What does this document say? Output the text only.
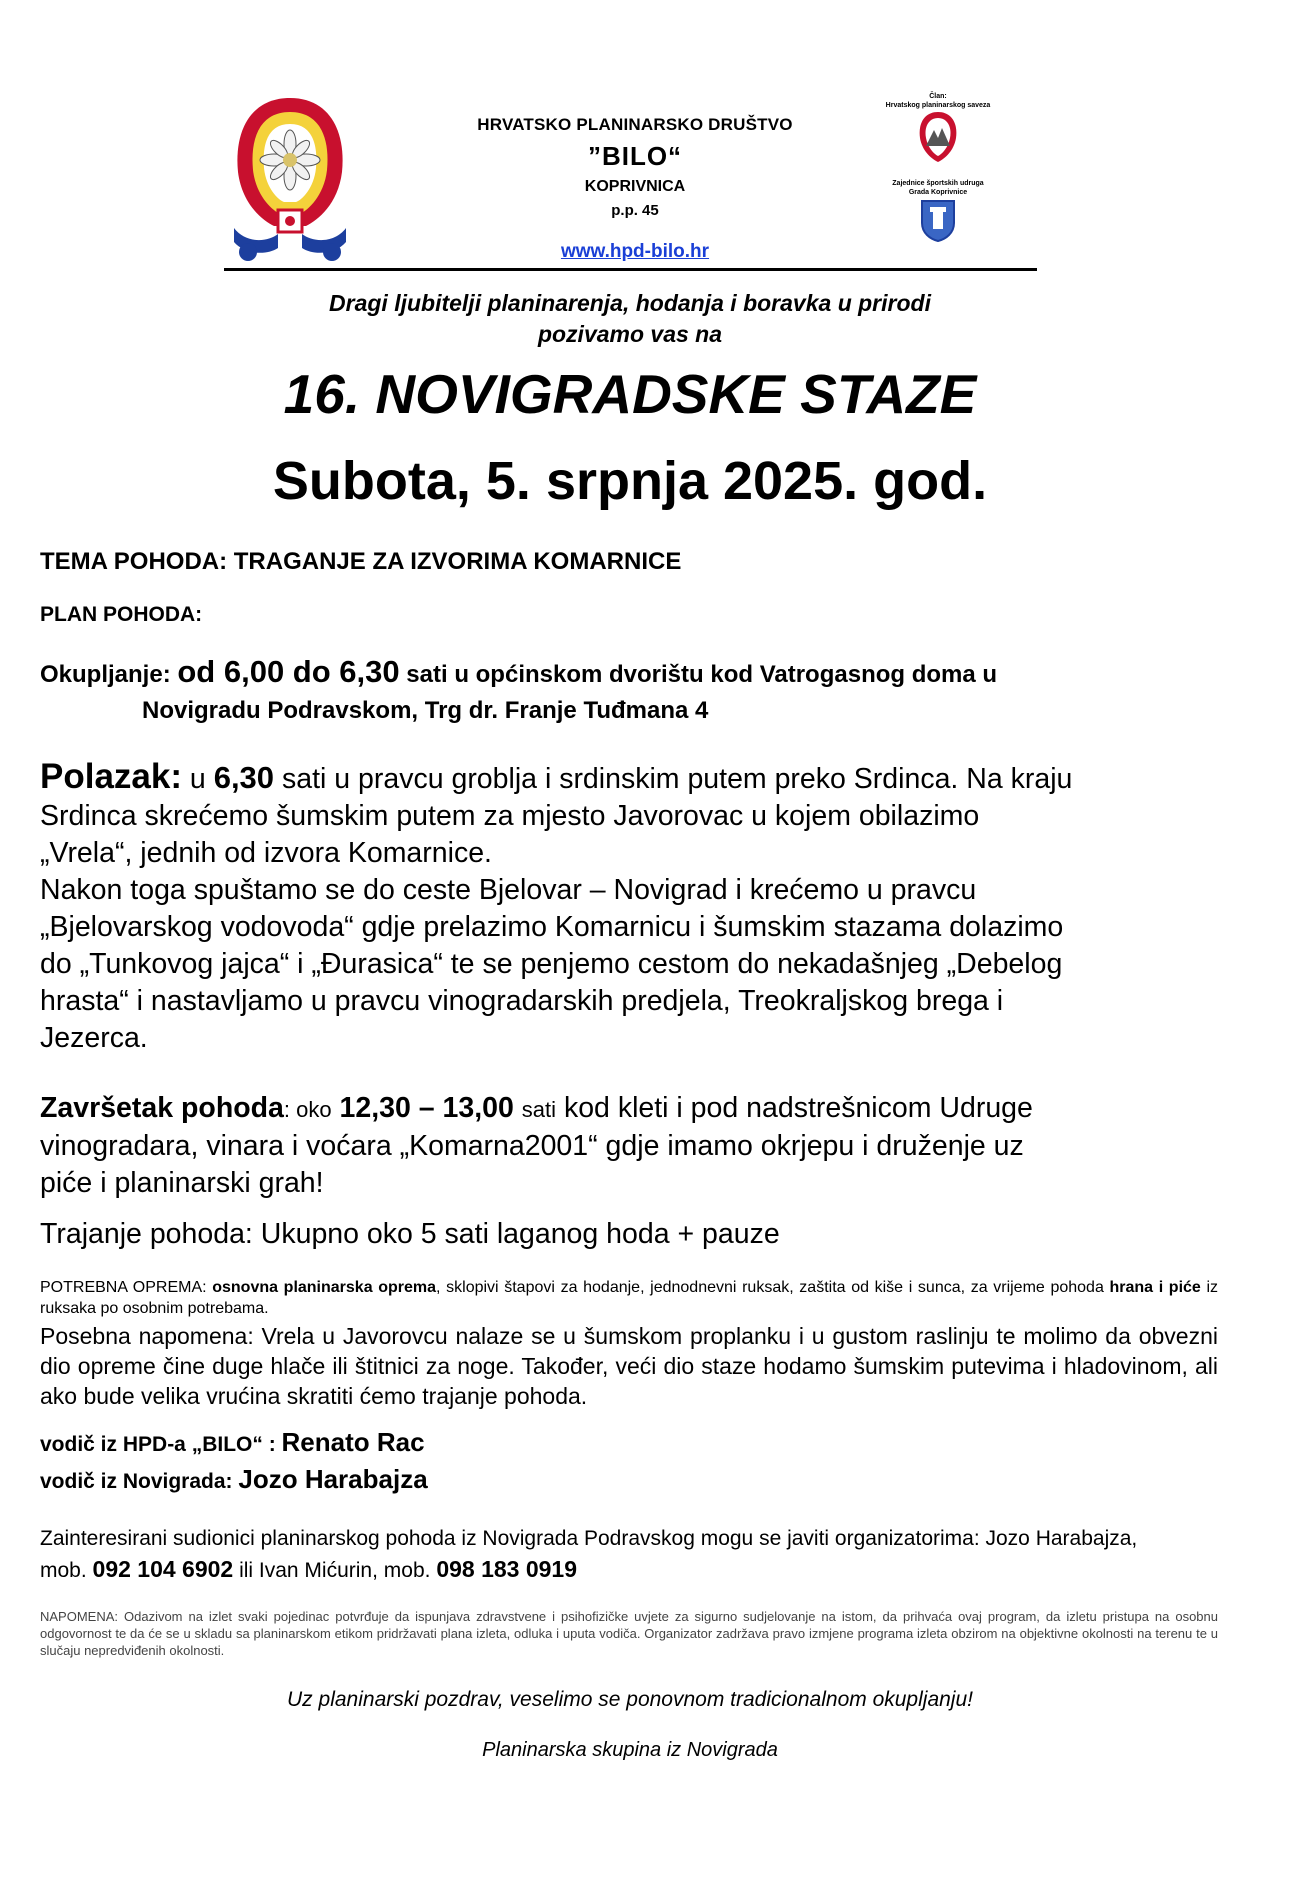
HRVATSKO PLANINARSKO DRUŠTVO
”BILO“
KOPRIVNICA
p.p. 45
www.hpd-bilo.hr
Član:
Hrvatskog planinarskog saveza
Zajednice športskih udruga
Grada Koprivnice
Dragi ljubitelji planinarenja, hodanja i boravka u prirodi
pozivamo vas na
16. NOVIGRADSKE STAZE
Subota, 5. srpnja 2025. god.
TEMA POHODA: TRAGANJE ZA IZVORIMA KOMARNICE
PLAN POHODA:
Okupljanje: od 6,00 do 6,30 sati u općinskom dvorištu kod Vatrogasnog doma u
Novigradu Podravskom, Trg dr. Franje Tuđmana 4
Polazak: u 6,30 sati u pravcu groblja i srdinskim putem preko Srdinca. Na kraju
Srdinca skrećemo šumskim putem za mjesto Javorovac u kojem obilazimo
„Vrela“, jednih od izvora Komarnice.
Nakon toga spuštamo se do ceste Bjelovar – Novigrad i krećemo u pravcu
„Bjelovarskog vodovoda“ gdje prelazimo Komarnicu i šumskim stazama dolazimo
do „Tunkovog jajca“ i „Đurasica“ te se penjemo cestom do nekadašnjeg „Debelog
hrasta“ i nastavljamo u pravcu vinogradarskih predjela, Treokraljskog brega i
Jezerca.
Završetak pohoda: oko 12,30 – 13,00 sati kod kleti i pod nadstrešnicom Udruge
vinogradara, vinara i voćara „Komarna2001“ gdje imamo okrjepu i druženje uz
piće i planinarski grah!
Trajanje pohoda: Ukupno oko 5 sati laganog hoda + pauze
POTREBNA OPREMA: osnovna planinarska oprema, sklopivi štapovi za hodanje, jednodnevni ruksak, zaštita od kiše i sunca, za vrijeme pohoda hrana i piće iz ruksaka po osobnim potrebama.
Posebna napomena: Vrela u Javorovcu nalaze se u šumskom proplanku i u gustom raslinju te molimo da obvezni dio opreme čine duge hlače ili štitnici za noge. Također, veći dio staze hodamo šumskim putevima i hladovinom, ali ako bude velika vrućina skratiti ćemo trajanje pohoda.
vodič iz HPD-a „BILO“ : Renato Rac
vodič iz Novigrada: Jozo Harabajza
Zainteresirani sudionici planinarskog pohoda iz Novigrada Podravskog mogu se javiti organizatorima: Jozo Harabajza,
mob. 092 104 6902 ili Ivan Mićurin, mob. 098 183 0919
NAPOMENA: Odazivom na izlet svaki pojedinac potvrđuje da ispunjava zdravstvene i psihofizičke uvjete za sigurno sudjelovanje na istom, da prihvaća ovaj program, da izletu pristupa na osobnu odgovornost te da će se u skladu sa planinarskom etikom pridržavati plana izleta, odluka i uputa vodiča. Organizator zadržava pravo izmjene programa izleta obzirom na objektivne okolnosti na terenu te u slučaju nepredviđenih okolnosti.
Uz planinarski pozdrav, veselimo se ponovnom tradicionalnom okupljanju!
Planinarska skupina iz Novigrada
